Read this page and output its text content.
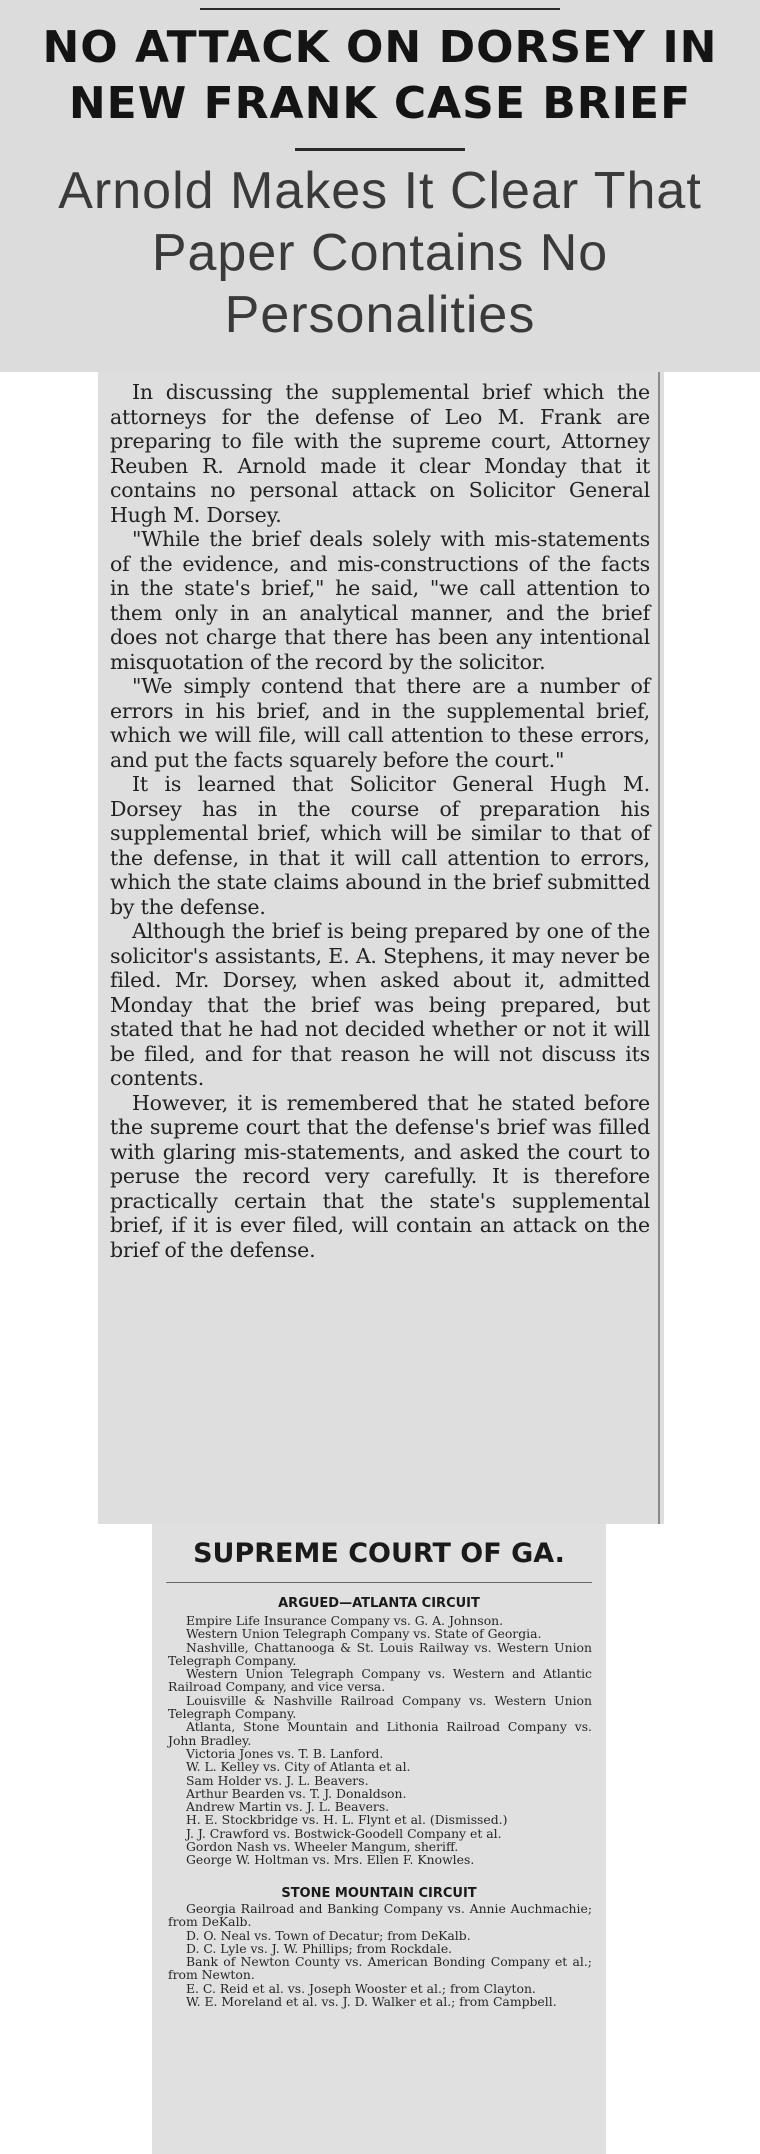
NO ATTACK ON DORSEY IN
NEW FRANK CASE BRIEF
Arnold Makes It Clear That
Paper Contains No
Personalities

In discussing the supplemental brief which the attorneys for the defense of Leo M. Frank are preparing to file with the supreme court, Attorney Reuben R. Arnold made it clear Monday that it contains no personal attack on Solicitor General Hugh M. Dorsey.

"While the brief deals solely with mis-statements of the evidence, and mis-constructions of the facts in the state's brief," he said, "we call attention to them only in an analytical manner, and the brief does not charge that there has been any intentional misquotation of the record by the solicitor.

"We simply contend that there are a number of errors in his brief, and in the supplemental brief, which we will file, will call attention to these errors, and put the facts squarely before the court."

It is learned that Solicitor General Hugh M. Dorsey has in the course of preparation his supplemental brief, which will be similar to that of the defense, in that it will call attention to errors, which the state claims abound in the brief submitted by the defense.

Although the brief is being prepared by one of the solicitor's assistants, E. A. Stephens, it may never be filed. Mr. Dorsey, when asked about it, admitted Monday that the brief was being prepared, but stated that he had not decided whether or not it will be filed, and for that reason he will not discuss its contents.

However, it is remembered that he stated before the supreme court that the defense's brief was filled with glaring mis-statements, and asked the court to peruse the record very carefully. It is therefore practically certain that the state's supplemental brief, if it is ever filed, will contain an attack on the brief of the defense.

SUPREME COURT OF GA.
ARGUED—ATLANTA CIRCUIT
Empire Life Insurance Company vs. G. A. Johnson.
Western Union Telegraph Company vs. State of Georgia.
Nashville, Chattanooga & St. Louis Railway vs. Western Union Telegraph Company.
Western Union Telegraph Company vs. Western and Atlantic Railroad Company, and vice versa.
Louisville & Nashville Railroad Company vs. Western Union Telegraph Company.
Atlanta, Stone Mountain and Lithonia Railroad Company vs. John Bradley.
Victoria Jones vs. T. B. Lanford.
W. L. Kelley vs. City of Atlanta et al.
Sam Holder vs. J. L. Beavers.
Arthur Bearden vs. T. J. Donaldson.
Andrew Martin vs. J. L. Beavers.
H. E. Stockbridge vs. H. L. Flynt et al. (Dismissed.)
J. J. Crawford vs. Bostwick-Goodell Company et al.
Gordon Nash vs. Wheeler Mangum, sheriff.
George W. Holtman vs. Mrs. Ellen F. Knowles.
STONE MOUNTAIN CIRCUIT
Georgia Railroad and Banking Company vs. Annie Auchmachie; from DeKalb.
D. O. Neal vs. Town of Decatur; from DeKalb.
D. C. Lyle vs. J. W. Phillips; from Rockdale.
Bank of Newton County vs. American Bonding Company et al.; from Newton.
E. C. Reid et al. vs. Joseph Wooster et al.; from Clayton.
W. E. Moreland et al. vs. J. D. Walker et al.; from Campbell.
